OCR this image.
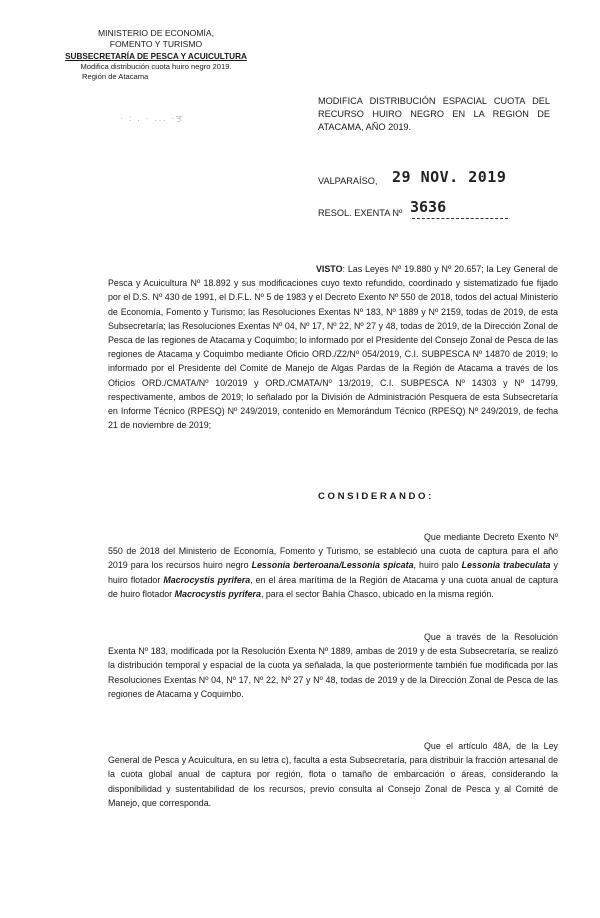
MINISTERIO DE ECONOMÍA,
FOMENTO Y TURISMO
SUBSECRETARÍA DE PESCA Y ACUICULTURA
Modifica distribución cuota huiro negro 2019.
Región de Atacama
· : . · ... ·ਤ
MODIFICA DISTRIBUCIÓN ESPACIAL CUOTA DEL RECURSO HUIRO NEGRO EN LA REGION DE ATACAMA, AÑO 2019.
VALPARAÍSO, 29 NOV. 2019
RESOL. EXENTA Nº 3636
VISTO: Las Leyes Nº 19.880 y Nº 20.657; la Ley General de Pesca y Acuicultura Nº 18.892 y sus modificaciones cuyo texto refundido, coordinado y sistematizado fue fijado por el D.S. Nº 430 de 1991, el D.F.L. Nº 5 de 1983 y el Decreto Exento Nº 550 de 2018, todos del actual Ministerio de Economía, Fomento y Turismo; las Resoluciones Exentas Nº 183, Nº 1889 y Nº 2159, todas de 2019, de esta Subsecretaría; las Resoluciones Exentas Nº 04, Nº 17, Nº 22, Nº 27 y 48, todas de 2019, de la Dirección Zonal de Pesca de las regiones de Atacama y Coquimbo; lo informado por el Presidente del Consejo Zonal de Pesca de las regiones de Atacama y Coquimbo mediante Oficio ORD./Z2/Nº 054/2019, C.I. SUBPESCA Nº 14870 de 2019; lo informado por el Presidente del Comité de Manejo de Algas Pardas de la Región de Atacama a través de los Oficios ORD./CMATA/Nº 10/2019 y ORD./CMATA/Nº 13/2019, C.I. SUBPESCA Nº 14303 y Nº 14799, respectivamente, ambos de 2019; lo señalado por la División de Administración Pesquera de esta Subsecretaría en Informe Técnico (RPESQ) Nº 249/2019, contenido en Memorándum Técnico (RPESQ) Nº 249/2019, de fecha 21 de noviembre de 2019;
CONSIDERANDO:
Que mediante Decreto Exento Nº 550 de 2018 del Ministerio de Economía, Fomento y Turismo, se estableció una cuota de captura para el año 2019 para los recursos huiro negro Lessonia berteroana/Lessonia spicata, huiro palo Lessonia trabeculata y huiro flotador Macrocystis pyrifera, en el área marítima de la Región de Atacama y una cuota anual de captura de huiro flotador Macrocystis pyrifera, para el sector Bahía Chasco, ubicado en la misma región.
Que a través de la Resolución Exenta Nº 183, modificada por la Resolución Exenta Nº 1889, ambas de 2019 y de esta Subsecretaría, se realizó la distribución temporal y espacial de la cuota ya señalada, la que posteriormente también fue modificada por las Resoluciones Exentas Nº 04, Nº 17, Nº 22, Nº 27 y Nº 48, todas de 2019 y de la Dirección Zonal de Pesca de las regiones de Atacama y Coquimbo.
Que el artículo 48A, de la Ley General de Pesca y Acuicultura, en su letra c), faculta a esta Subsecretaría, para distribuir la fracción artesanal de la cuota global anual de captura por región, flota o tamaño de embarcación o áreas, considerando la disponibilidad y sustentabilidad de los recursos, previo consulta al Consejo Zonal de Pesca y al Comité de Manejo, que corresponda.
